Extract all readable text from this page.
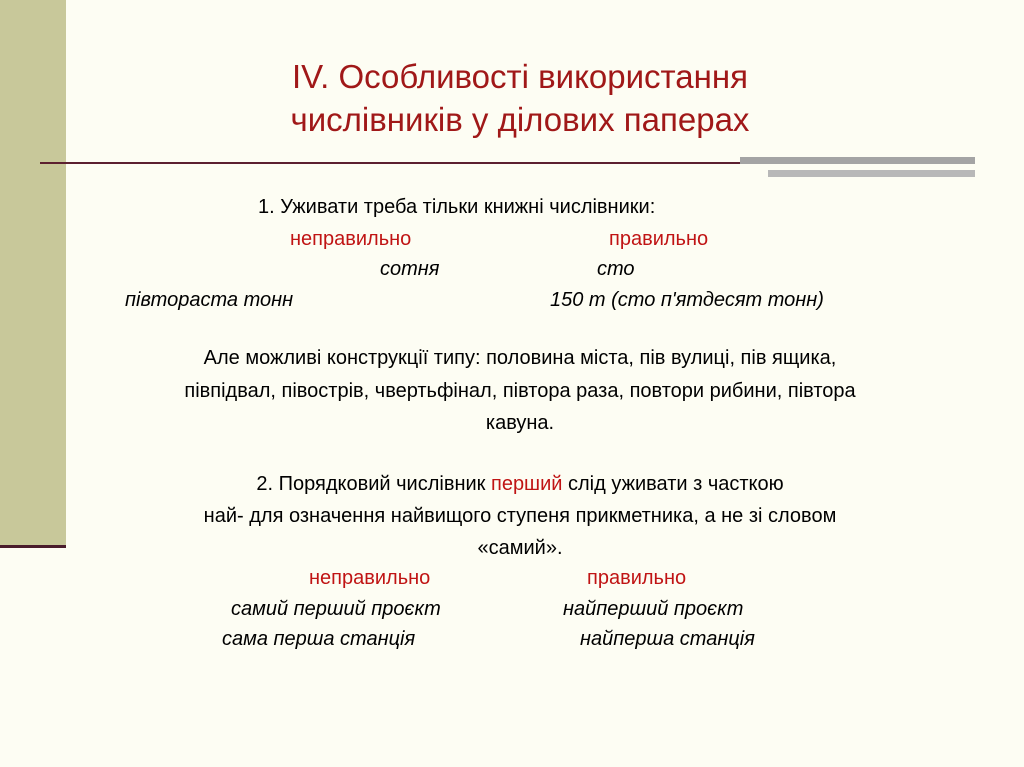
IV. Особливості використання
числівників у ділових паперах
1. Уживати треба тільки книжні числівники:
неправильно	правильно
сотня	сто
півтораста тонн	150 т (сто п'ятдесят тонн)
Але можливі конструкції типу: половина міста, пів вулиці, пів ящика,
півпідвал, півострів, чвертьфінал, півтора раза, повтори рибини, півтора
кавуна.
2. Порядковий числівник перший слід уживати з часткою
най- для означення найвищого ступеня прикметника, а не зі словом
«самий».
неправильно	правильно
самий перший проєкт	найперший проєкт
сама перша станція	найперша станція
